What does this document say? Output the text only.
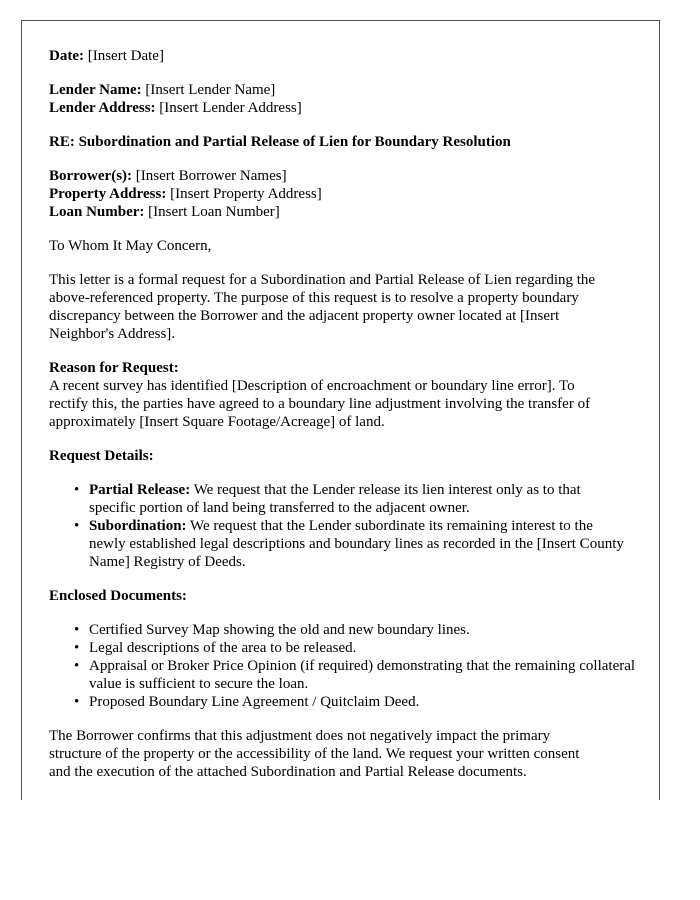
Date: [Insert Date]

Lender Name: [Insert Lender Name]
Lender Address: [Insert Lender Address]

RE: Subordination and Partial Release of Lien for Boundary Resolution

Borrower(s): [Insert Borrower Names]
Property Address: [Insert Property Address]
Loan Number: [Insert Loan Number]

To Whom It May Concern,

This letter is a formal request for a Subordination and Partial Release of Lien regarding the
above-referenced property. The purpose of this request is to resolve a property boundary
discrepancy between the Borrower and the adjacent property owner located at [Insert
Neighbor's Address].

Reason for Request:
A recent survey has identified [Description of encroachment or boundary line error]. To
rectify this, the parties have agreed to a boundary line adjustment involving the transfer of
approximately [Insert Square Footage/Acreage] of land.

Request Details:

• Partial Release: We request that the Lender release its lien interest only as to that
specific portion of land being transferred to the adjacent owner.
• Subordination: We request that the Lender subordinate its remaining interest to the
newly established legal descriptions and boundary lines as recorded in the [Insert County Name] Registry of Deeds.

Enclosed Documents:

• Certified Survey Map showing the old and new boundary lines.
• Legal descriptions of the area to be released.
• Appraisal or Broker Price Opinion (if required) demonstrating that the remaining collateral value is sufficient to secure the loan.
• Proposed Boundary Line Agreement / Quitclaim Deed.

The Borrower confirms that this adjustment does not negatively impact the primary
structure of the property or the accessibility of the land. We request your written consent
and the execution of the attached Subordination and Partial Release documents.
